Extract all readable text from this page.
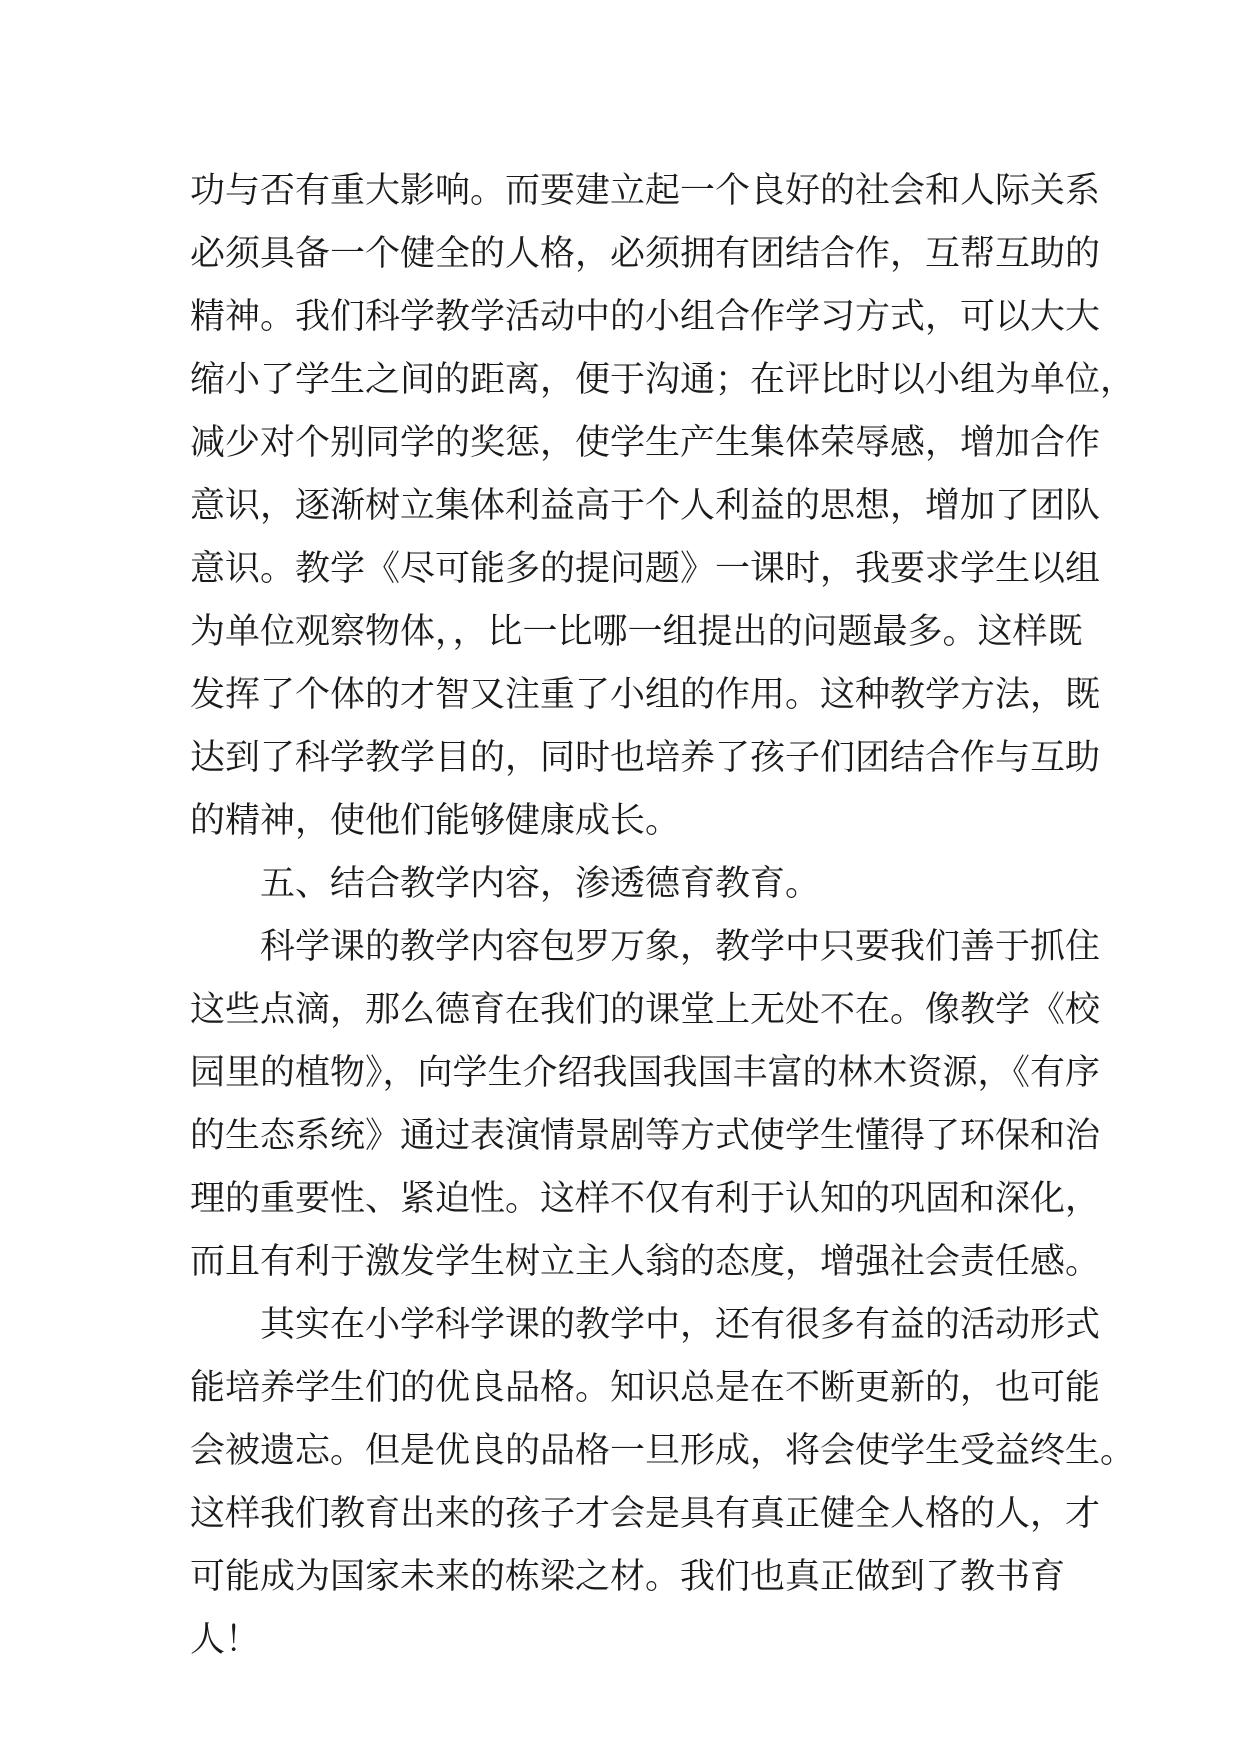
功与否有重大影响。而要建立起一个良好的社会和人际关系
必须具备一个健全的人格，必须拥有团结合作，互帮互助的
精神。我们科学教学活动中的小组合作学习方式，可以大大
缩小了学生之间的距离，便于沟通；在评比时以小组为单位，
减少对个别同学的奖惩，使学生产生集体荣辱感，增加合作
意识，逐渐树立集体利益高于个人利益的思想，增加了团队
意识。教学《尽可能多的提问题》一课时，我要求学生以组
为单位观察物体，，比一比哪一组提出的问题最多。这样既
发挥了个体的才智又注重了小组的作用。这种教学方法，既
达到了科学教学目的，同时也培养了孩子们团结合作与互助
的精神，使他们能够健康成长。
五、结合教学内容，渗透德育教育。
科学课的教学内容包罗万象，教学中只要我们善于抓住
这些点滴，那么德育在我们的课堂上无处不在。像教学《校
园里的植物》，向学生介绍我国我国丰富的林木资源，《有序
的生态系统》通过表演情景剧等方式使学生懂得了环保和治
理的重要性、紧迫性。这样不仅有利于认知的巩固和深化，
而且有利于激发学生树立主人翁的态度，增强社会责任感。
其实在小学科学课的教学中，还有很多有益的活动形式
能培养学生们的优良品格。知识总是在不断更新的，也可能
会被遗忘。但是优良的品格一旦形成，将会使学生受益终生。
这样我们教育出来的孩子才会是具有真正健全人格的人，才
可能成为国家未来的栋梁之材。我们也真正做到了教书育
人！
